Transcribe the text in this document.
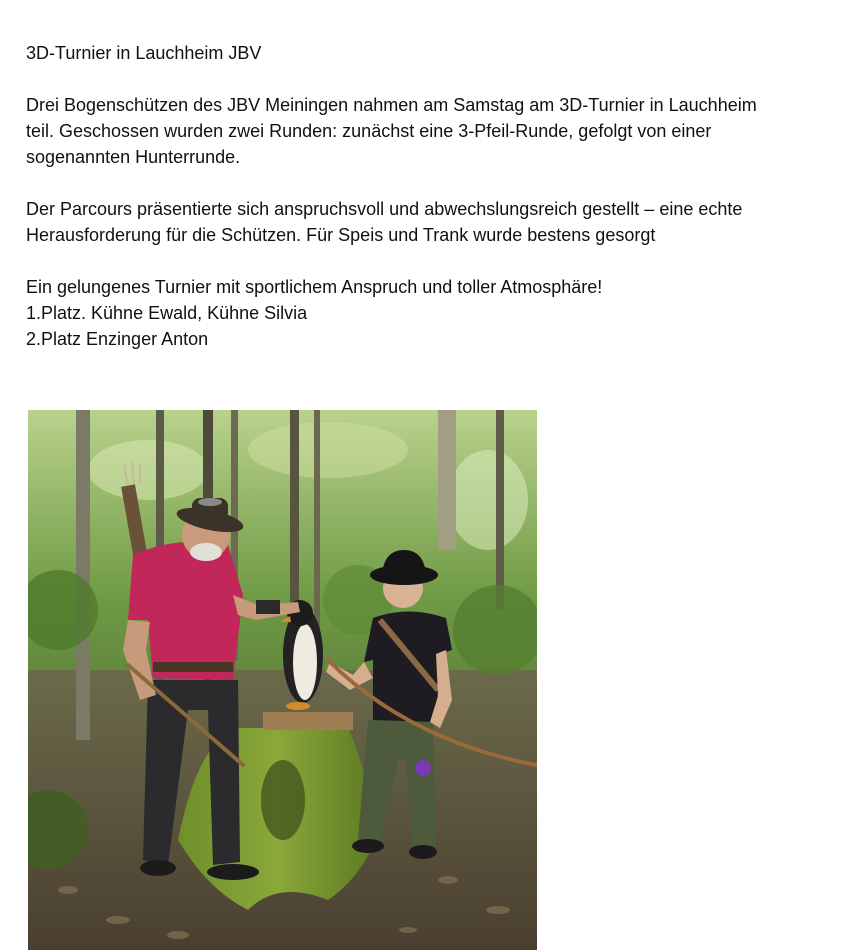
3D-Turnier in Lauchheim JBV

Drei Bogenschützen des JBV Meiningen nahmen am Samstag am 3D-Turnier in Lauchheim

teil. Geschossen wurden zwei Runden: zunächst eine 3-Pfeil-Runde, gefolgt von einer

sogenannten Hunterrunde.

Der Parcours präsentierte sich anspruchsvoll und abwechslungsreich gestellt – eine echte

Herausforderung für die Schützen. Für Speis und Trank wurde bestens gesorgt

Ein gelungenes Turnier mit sportlichem Anspruch und toller Atmosphäre!

1.Platz. Kühne Ewald, Kühne Silvia

2.Platz Enzinger Anton
